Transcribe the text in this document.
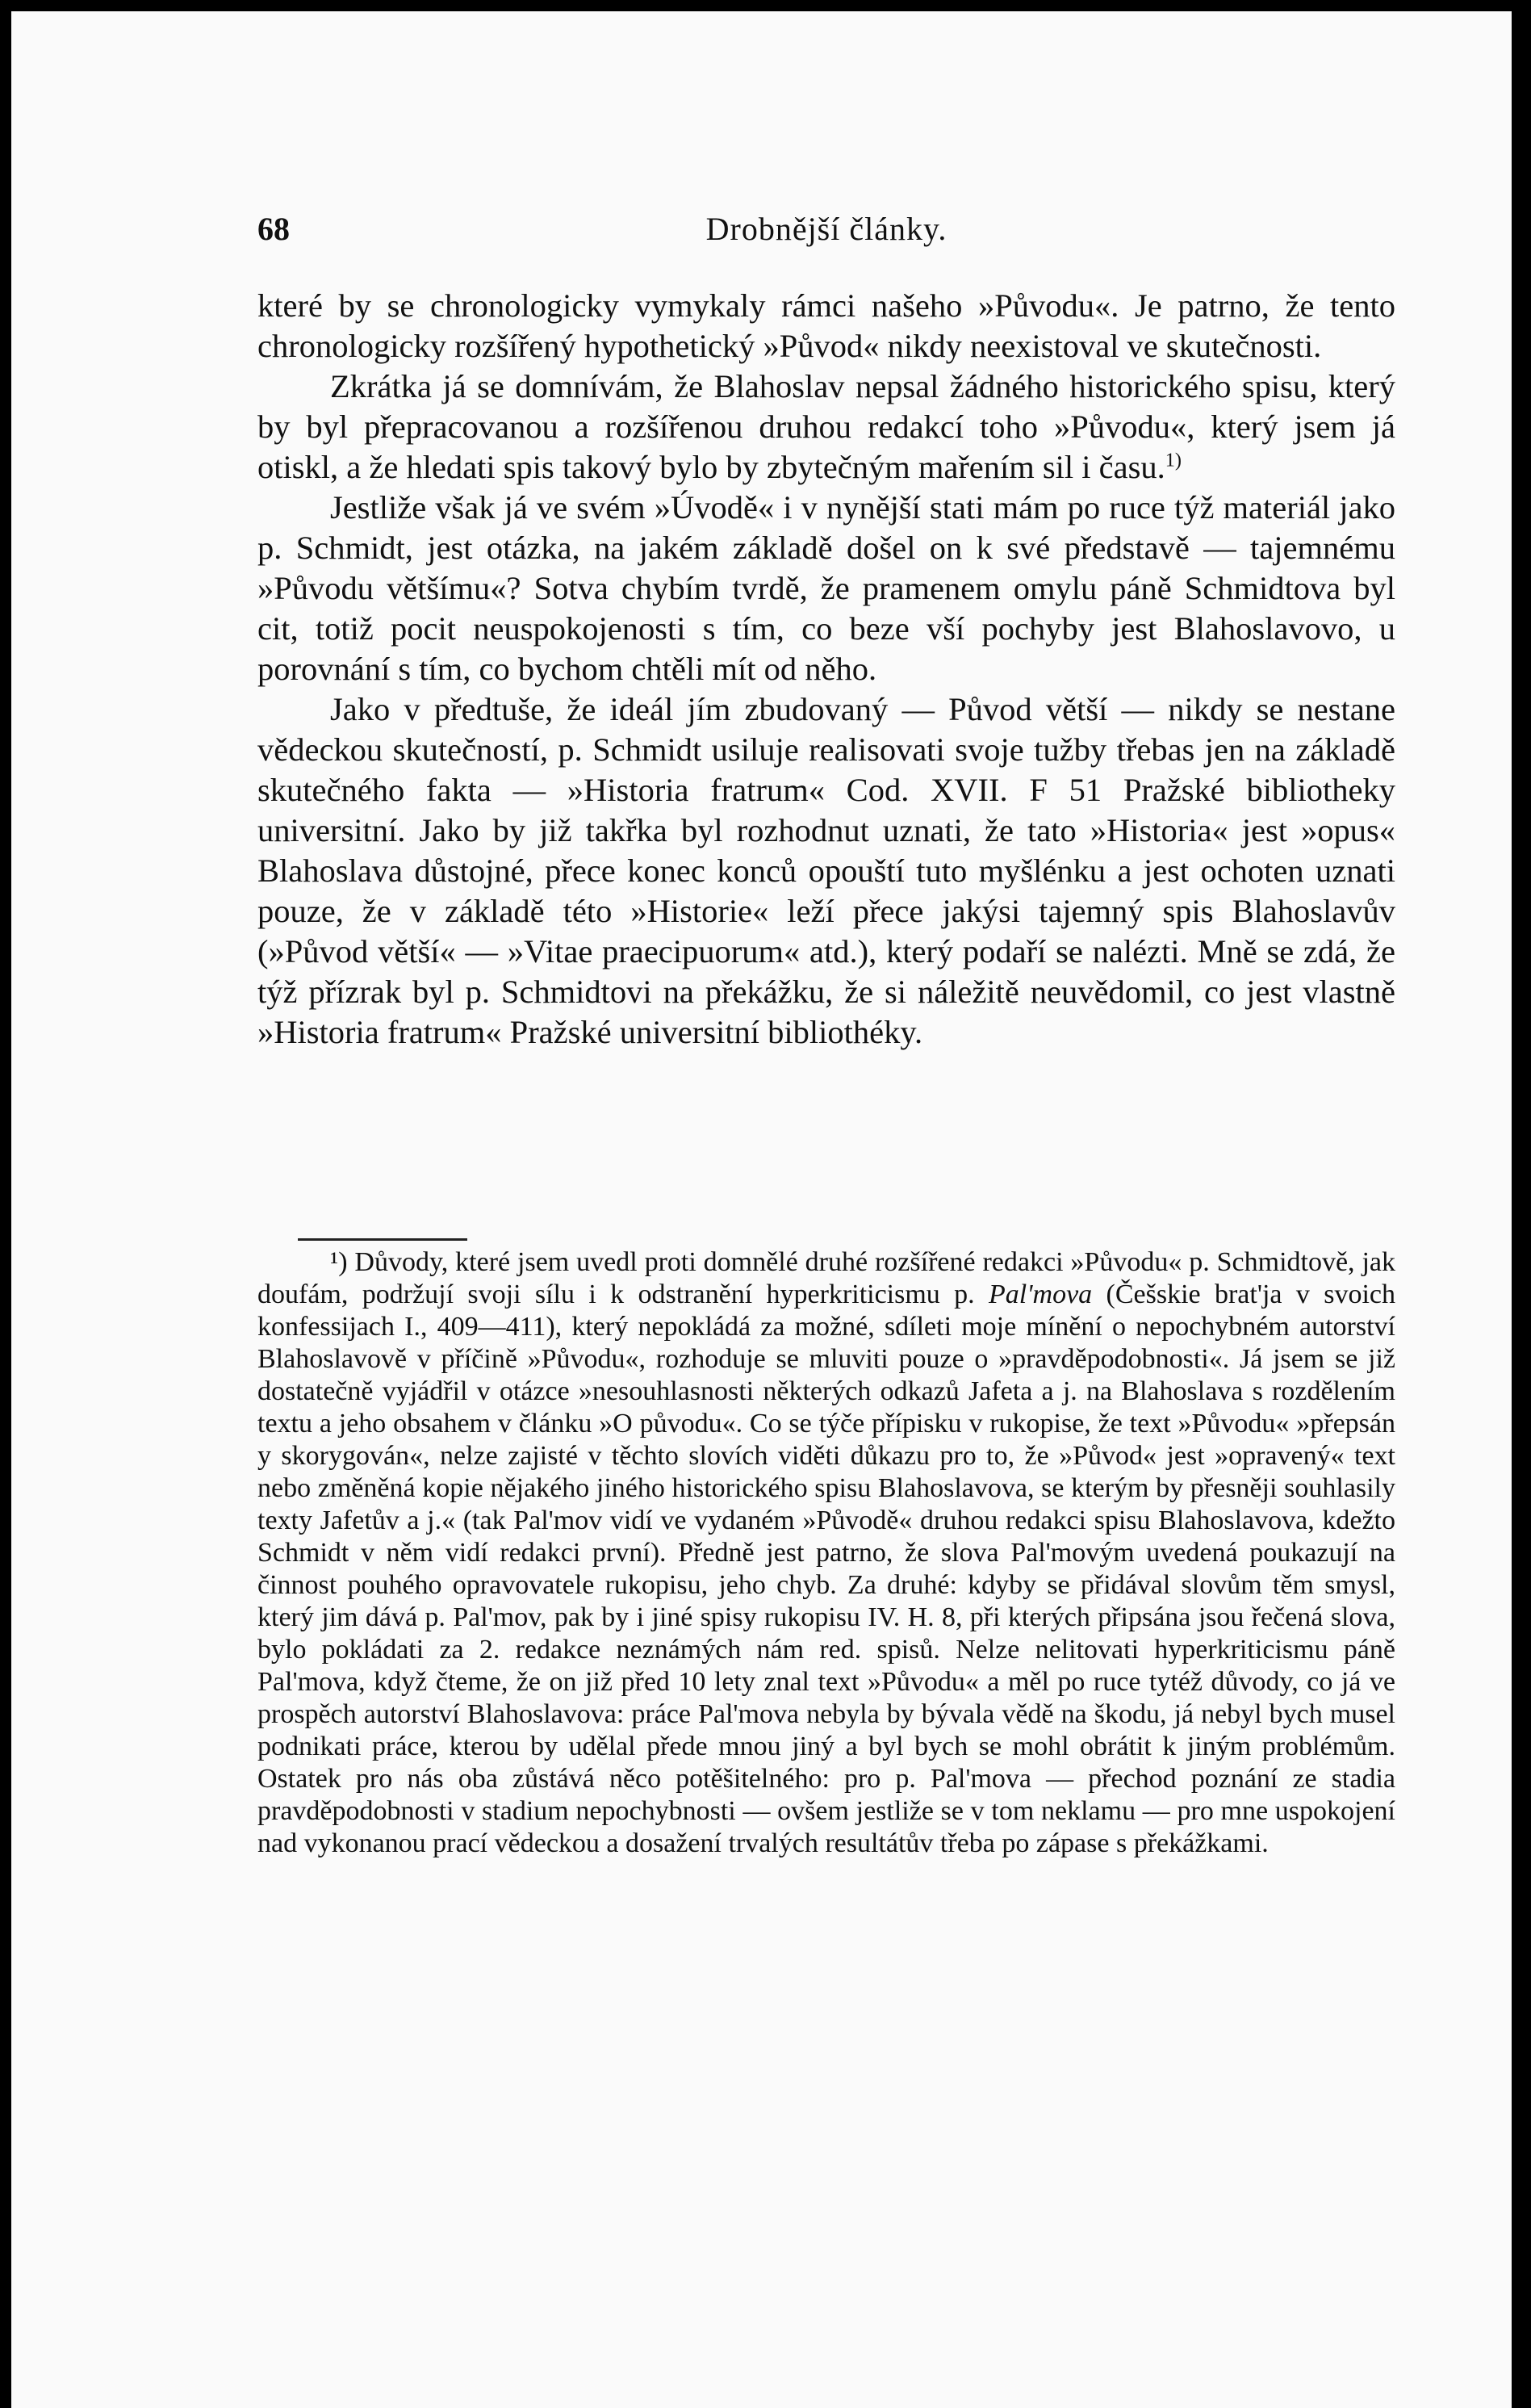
68	Drobnější články.

které by se chronologicky vymykaly rámci našeho »Původu«. Je patrno, že tento chronologicky rozšířený hypothetický »Původ« nikdy neexistoval ve skutečnosti.

Zkrátka já se domnívám, že Blahoslav nepsal žádného historického spisu, který by byl přepracovanou a rozšířenou druhou redakcí toho »Původu«, který jsem já otiskl, a že hledati spis takový bylo by zbytečným mařením sil i času.$^{1)}$

Jestliže však já ve svém »Úvodě« i v nynější stati mám po ruce týž materiál jako p. Schmidt, jest otázka, na jakém základě došel on k své představě — tajemnému »Původu většímu«? Sotva chybím tvrdě, že pramenem omylu páně Schmidtova byl cit, totiž pocit neuspokojenosti s tím, co beze vší pochyby jest Blahoslavovo, u porovnání s tím, co bychom chtěli mít od něho.

Jako v předtuše, že ideál jím zbudovaný — Původ větší — nikdy se nestane vědeckou skutečností, p. Schmidt usiluje realisovati svoje tužby třebas jen na základě skutečného fakta — »Historia fratrum« Cod. XVII. F 51 Pražské bibliotheky universitní. Jako by již takřka byl rozhodnut uznati, že tato »Historia« jest »opus« Blahoslava důstojné, přece konec konců opouští tuto myšlénku a jest ochoten uznati pouze, že v základě této »Historie« leží přece jakýsi tajemný spis Blahoslavův (»Původ větší« — »Vitae praecipuorum« atd.), který podaří se nalézti. Mně se zdá, že týž přízrak byl p. Schmidtovi na překážku, že si náležitě neuvědomil, co jest vlastně »Historia fratrum« Pražské universitní bibliothéky.

¹) Důvody, které jsem uvedl proti domnělé druhé rozšířené redakci »Původu« p. Schmidtově, jak doufám, podržují svoji sílu i k odstranění hyperkriticismu p. Pal'mova (Češskie brat'ja v svoich konfessijach I., 409—411), který nepokládá za možné, sdíleti moje mínění o nepochybném autorství Blahoslavově v příčině »Původu«, rozhoduje se mluviti pouze o »pravděpodobnosti«. Já jsem se již dostatečně vyjádřil v otázce »nesouhlasnosti některých odkazů Jafeta a j. na Blahoslava s rozdělením textu a jeho obsahem v článku »O původu«. Co se týče přípisku v rukopise, že text »Původu« »přepsán y skorygován«, nelze zajisté v těchto slovích viděti důkazu pro to, že »Původ« jest »opravený« text nebo změněná kopie nějakého jiného historického spisu Blahoslavova, se kterým by přesněji souhlasily texty Jafetův a j.« (tak Pal'mov vidí ve vydaném »Původě« druhou redakci spisu Blahoslavova, kdežto Schmidt v něm vidí redakci první). Předně jest patrno, že slova Pal'movým uvedená poukazují na činnost pouhého opravovatele rukopisu, jeho chyb. Za druhé: kdyby se přidával slovům těm smysl, který jim dává p. Pal'mov, pak by i jiné spisy rukopisu IV. H. 8, při kterých připsána jsou řečená slova, bylo pokládati za 2. redakce neznámých nám red. spisů. Nelze nelitovati hyperkriticismu páně Pal'mova, když čteme, že on již před 10 lety znal text »Původu« a měl po ruce tytéž důvody, co já ve prospěch autorství Blahoslavova: práce Pal'mova nebyla by bývala vědě na škodu, já nebyl bych musel podnikati práce, kterou by udělal přede mnou jiný a byl bych se mohl obrátit k jiným problémům. Ostatek pro nás oba zůstává něco potěšitelného: pro p. Pal'mova — přechod poznání ze stadia pravděpodobnosti v stadium nepochybnosti — ovšem jestliže se v tom neklamu — pro mne uspokojení nad vykonanou prací vědeckou a dosažení trvalých resultátův třeba po zápase s překážkami.
